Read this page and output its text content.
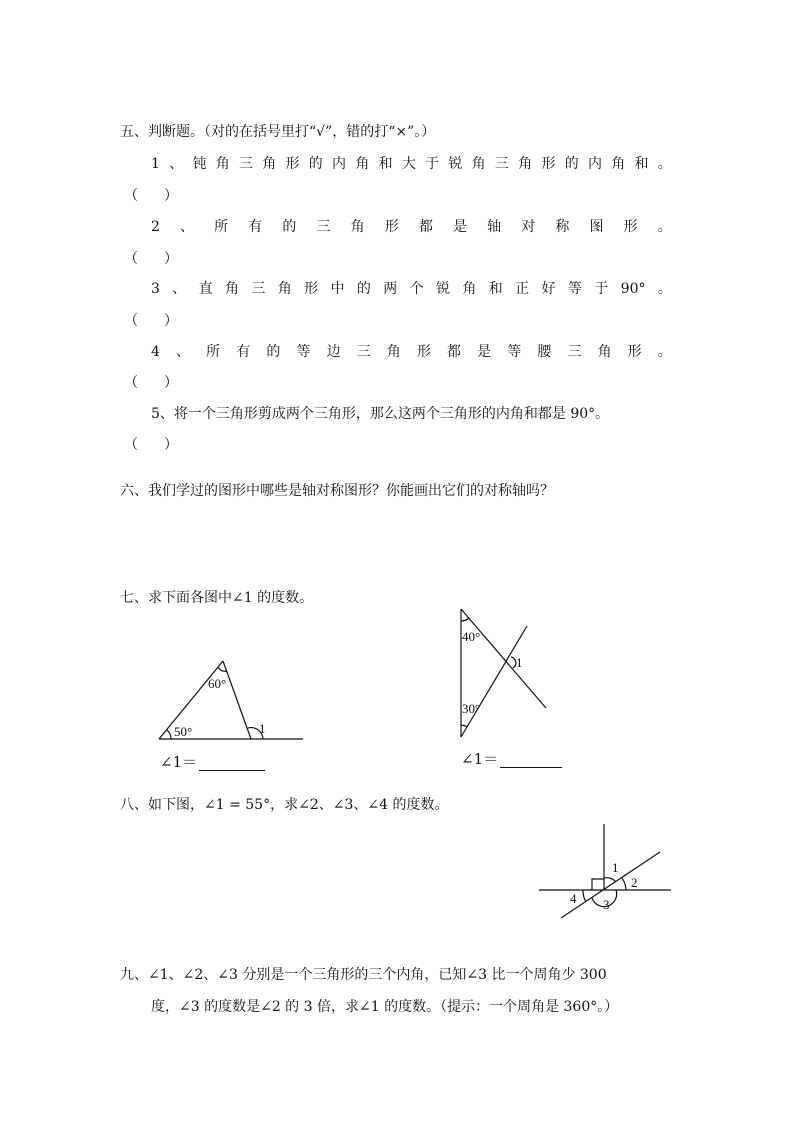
五、判断题。（对的在括号里打“√”，错的打“×”。）
1 、 钝 角 三 角 形 的 内 角 和 大 于 锐 角 三 角 形 的 内 角 和 。
（ ）
2 、 所 有 的 三 角 形 都 是 轴 对 称 图 形 。
（ ）
3 、 直 角 三 角 形 中 的 两 个 锐 角 和 正 好 等 于 90° 。
（ ）
4 、 所 有 的 等 边 三 角 形 都 是 等 腰 三 角 形 。
（ ）
5、将一个三角形剪成两个三角形，那么这两个三角形的内角和都是 90°。
（ ）
六、我们学过的图形中哪些是轴对称图形？你能画出它们的对称轴吗？
七、求下面各图中∠1 的度数。
50°
60°
1
∠1＝
40°
30°
1
∠1＝
八、如下图，∠1 = 55°，求∠2、∠3、∠4 的度数。
1
2
3
4
九、∠1、∠2、∠3 分别是一个三角形的三个内角，已知∠3 比一个周角少 300
度，∠3 的度数是∠2 的 3 倍，求∠1 的度数。（提示：一个周角是 360°。）
